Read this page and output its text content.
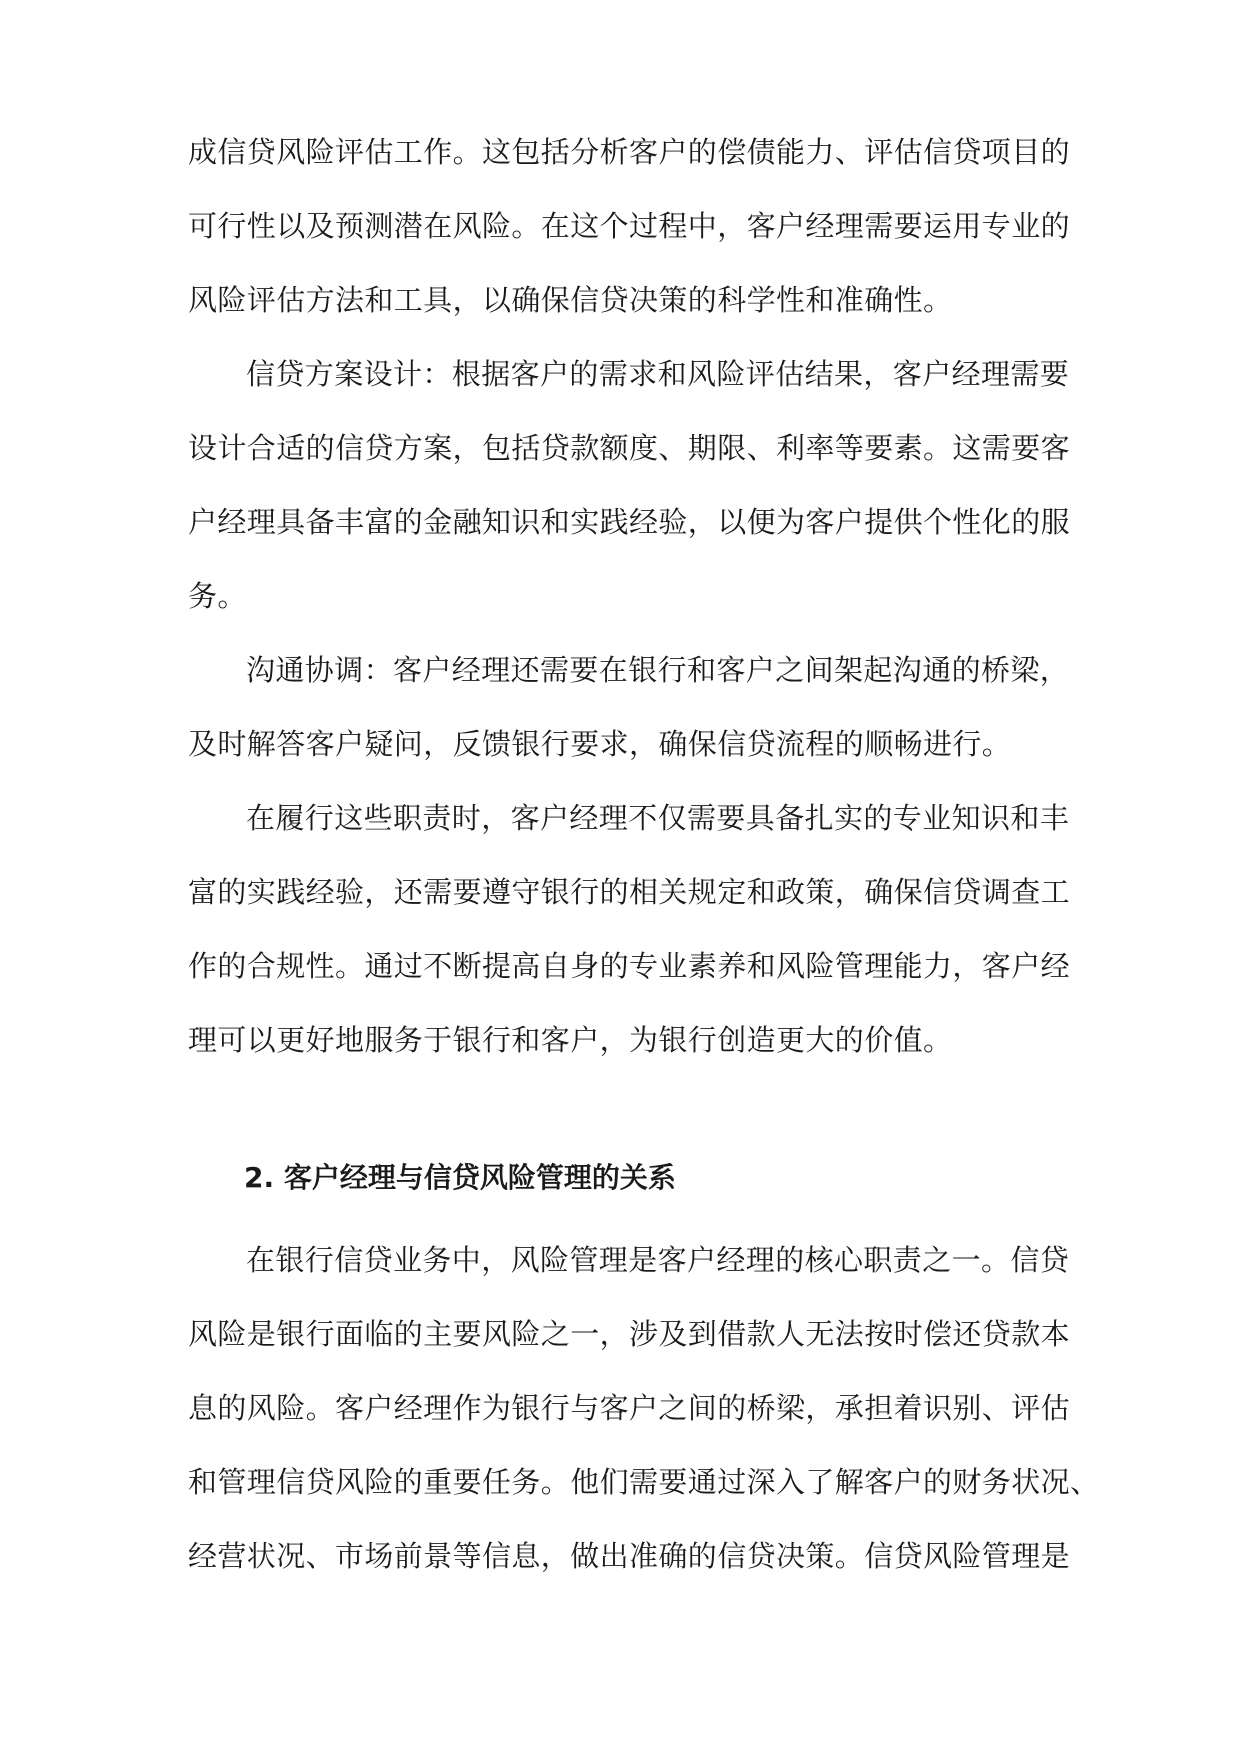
成信贷风险评估工作。这包括分析客户的偿债能力、评估信贷项目的
可行性以及预测潜在风险。在这个过程中，客户经理需要运用专业的
风险评估方法和工具，以确保信贷决策的科学性和准确性。
信贷方案设计：根据客户的需求和风险评估结果，客户经理需要
设计合适的信贷方案，包括贷款额度、期限、利率等要素。这需要客
户经理具备丰富的金融知识和实践经验，以便为客户提供个性化的服
务。
沟通协调：客户经理还需要在银行和客户之间架起沟通的桥梁，
及时解答客户疑问，反馈银行要求，确保信贷流程的顺畅进行。
在履行这些职责时，客户经理不仅需要具备扎实的专业知识和丰
富的实践经验，还需要遵守银行的相关规定和政策，确保信贷调查工
作的合规性。通过不断提高自身的专业素养和风险管理能力，客户经
理可以更好地服务于银行和客户，为银行创造更大的价值。
2. 客户经理与信贷风险管理的关系
在银行信贷业务中，风险管理是客户经理的核心职责之一。信贷
风险是银行面临的主要风险之一，涉及到借款人无法按时偿还贷款本
息的风险。客户经理作为银行与客户之间的桥梁，承担着识别、评估
和管理信贷风险的重要任务。他们需要通过深入了解客户的财务状况、
经营状况、市场前景等信息，做出准确的信贷决策。信贷风险管理是
